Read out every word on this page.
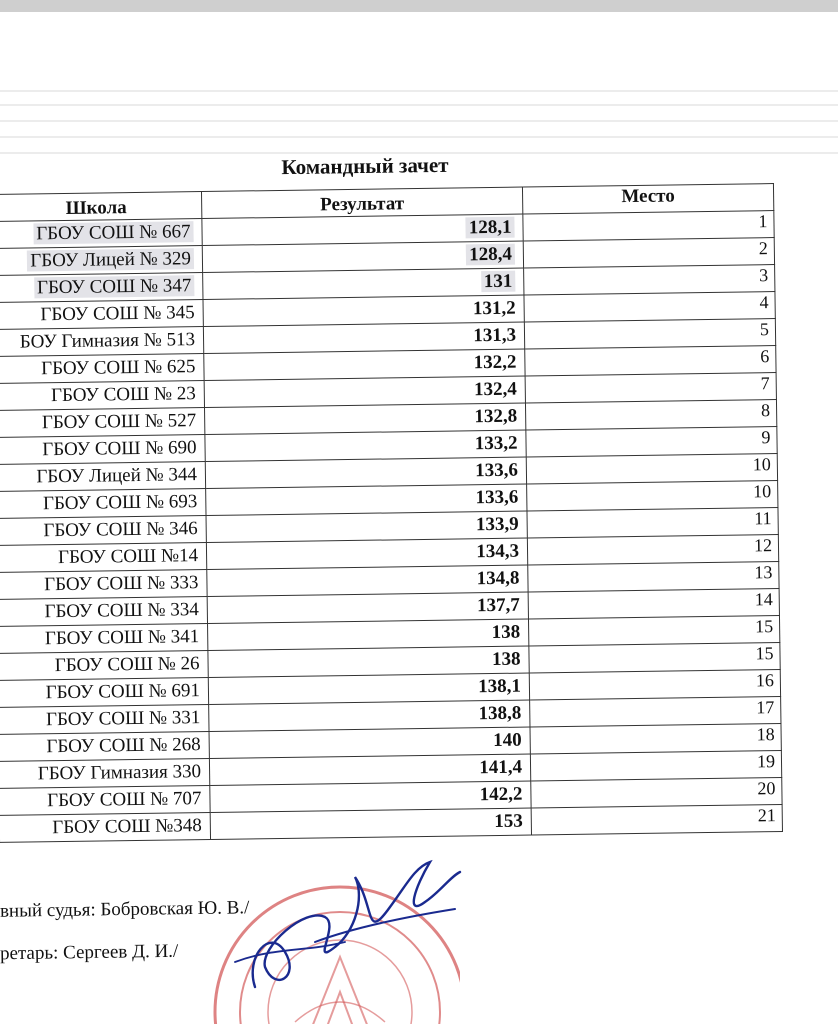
Командный зачет
Школа	Результат	Место
ГБОУ СОШ № 667	128,1	1
ГБОУ Лицей № 329	128,4	2
ГБОУ СОШ № 347	131	3
ГБОУ СОШ № 345	131,2	4
БОУ Гимназия № 513	131,3	5
ГБОУ СОШ № 625	132,2	6
ГБОУ СОШ № 23	132,4	7
ГБОУ СОШ № 527	132,8	8
ГБОУ СОШ № 690	133,2	9
ГБОУ Лицей № 344	133,6	10
ГБОУ СОШ № 693	133,6	10
ГБОУ СОШ № 346	133,9	11
ГБОУ СОШ №14	134,3	12
ГБОУ СОШ № 333	134,8	13
ГБОУ СОШ № 334	137,7	14
ГБОУ СОШ № 341	138	15
ГБОУ СОШ № 26	138	15
ГБОУ СОШ № 691	138,1	16
ГБОУ СОШ № 331	138,8	17
ГБОУ СОШ № 268	140	18
ГБОУ Гимназия 330	141,4	19
ГБОУ СОШ № 707	142,2	20
ГБОУ СОШ №348	153	21
вный судья: Бобровская Ю. В./
ретарь: Сергеев Д. И./
